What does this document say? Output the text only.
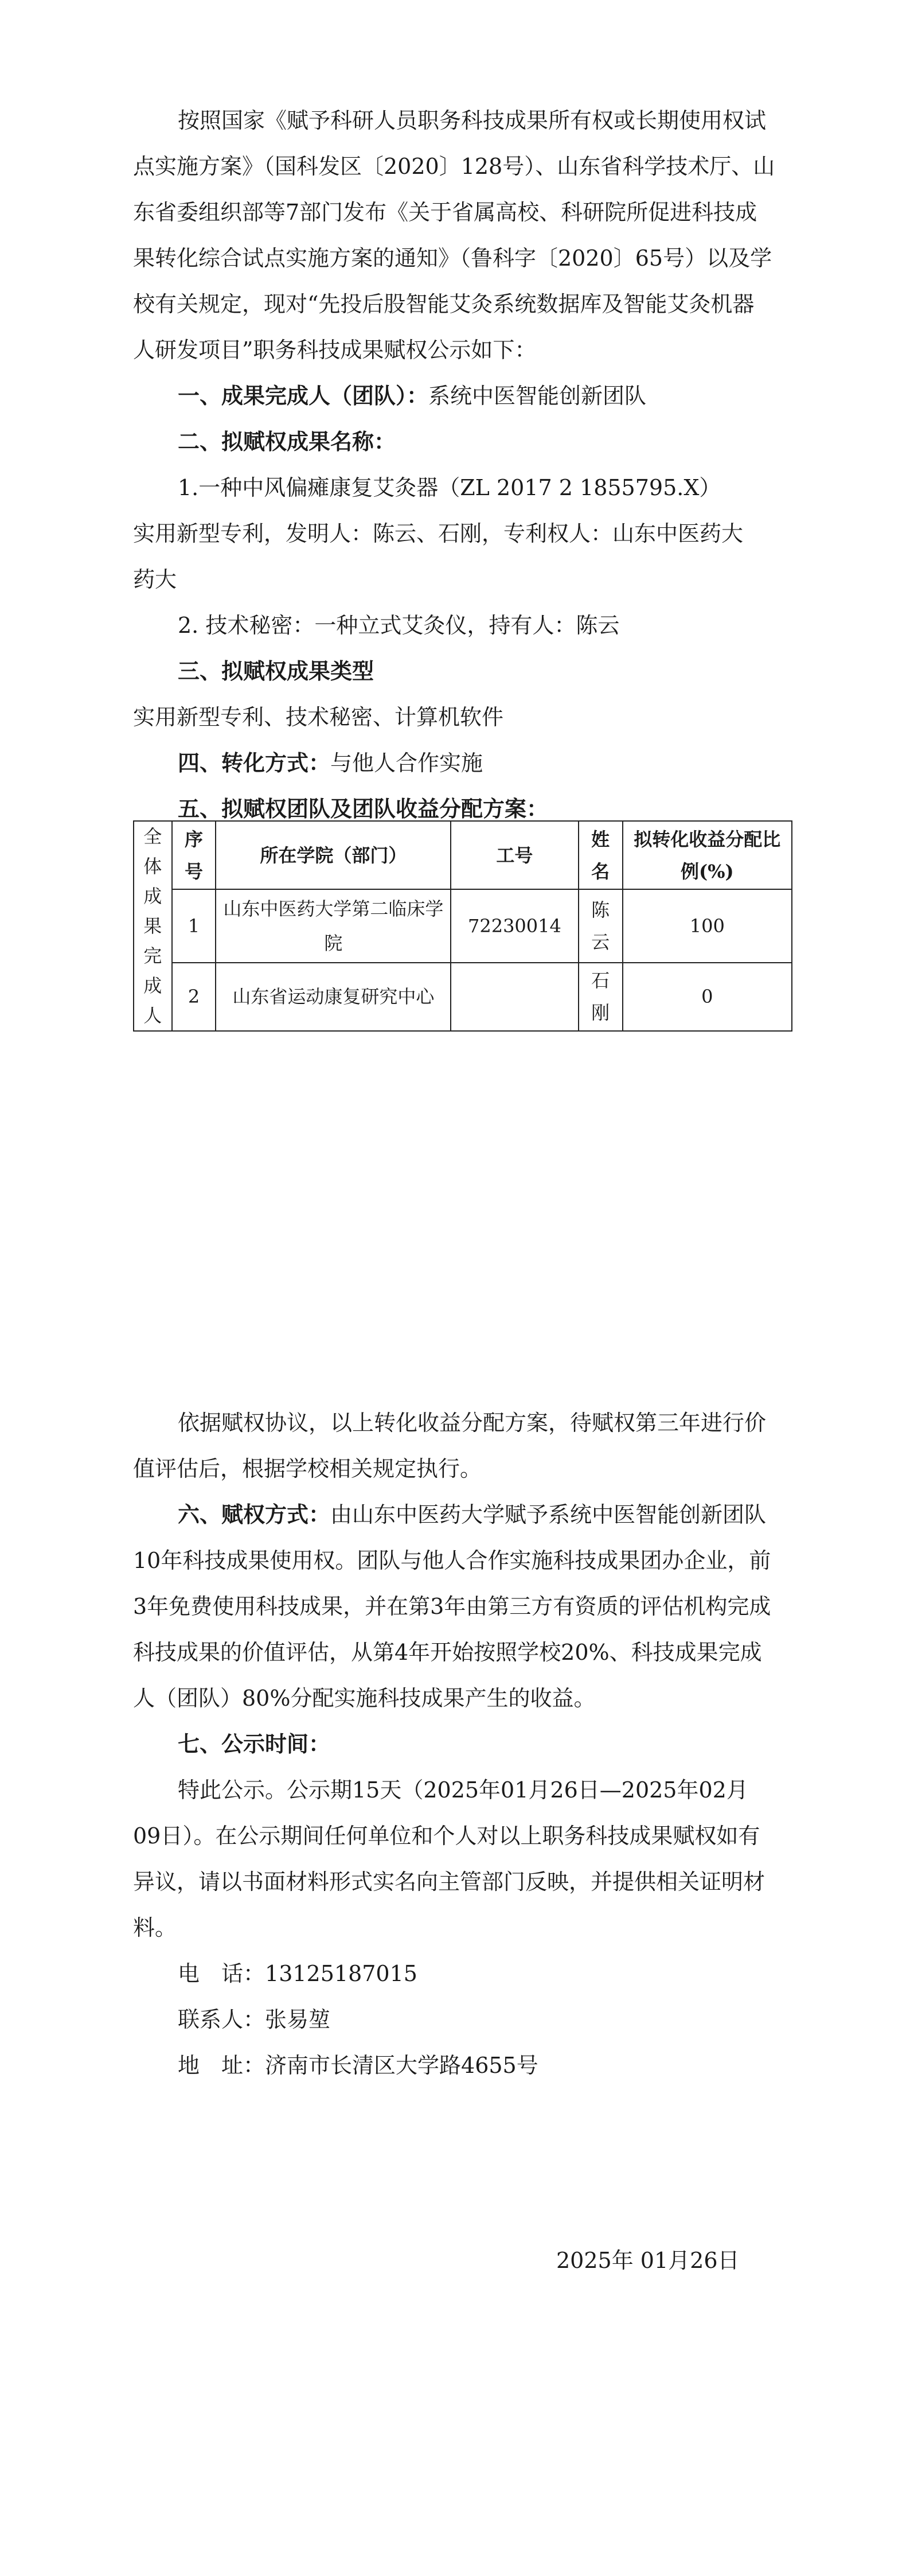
按照国家《赋予科研人员职务科技成果所有权或长期使用权试点实施方案》（国科发区〔2020〕128号）、山东省科学技术厅、山东省委组织部等7部门发布《关于省属高校、科研院所促进科技成果转化综合试点实施方案的通知》（鲁科字〔2020〕65号）以及学校有关规定，现对“先投后股智能艾灸系统数据库及智能艾灸机器人研发项目”职务科技成果赋权公示如下：

一、成果完成人（团队）：系统中医智能创新团队

二、拟赋权成果名称：

1.一种中风偏瘫康复艾灸器（ZL 2017 2 1855795.X）

实用新型专利，发明人：陈云、石刚，专利权人：山东中医药大

药大

2. 技术秘密：一种立式艾灸仪，持有人：陈云

三、拟赋权成果类型

实用新型专利、技术秘密、计算机软件

四、转化方式：与他人合作实施

五、拟赋权团队及团队收益分配方案：

全体成果完成人	序号	所在学院（部门）	工号	姓名	拟转化收益分配比例(%)
	1	山东中医药大学第二临床学院	72230014	陈云	100
	2	山东省运动康复研究中心		石刚	0

依据赋权协议，以上转化收益分配方案，待赋权第三年进行价值评估后，根据学校相关规定执行。

六、赋权方式：由山东中医药大学赋予系统中医智能创新团队10年科技成果使用权。团队与他人合作实施科技成果团办企业，前3年免费使用科技成果，并在第3年由第三方有资质的评估机构完成科技成果的价值评估，从第4年开始按照学校20%、科技成果完成人（团队）80%分配实施科技成果产生的收益。

七、公示时间：

特此公示。公示期15天（2025年01月26日—2025年02月09日）。在公示期间任何单位和个人对以上职务科技成果赋权如有异议，请以书面材料形式实名向主管部门反映，并提供相关证明材料。

电　话：13125187015

联系人：张易堃

地　址：济南市长清区大学路4655号

2025年 01月26日
